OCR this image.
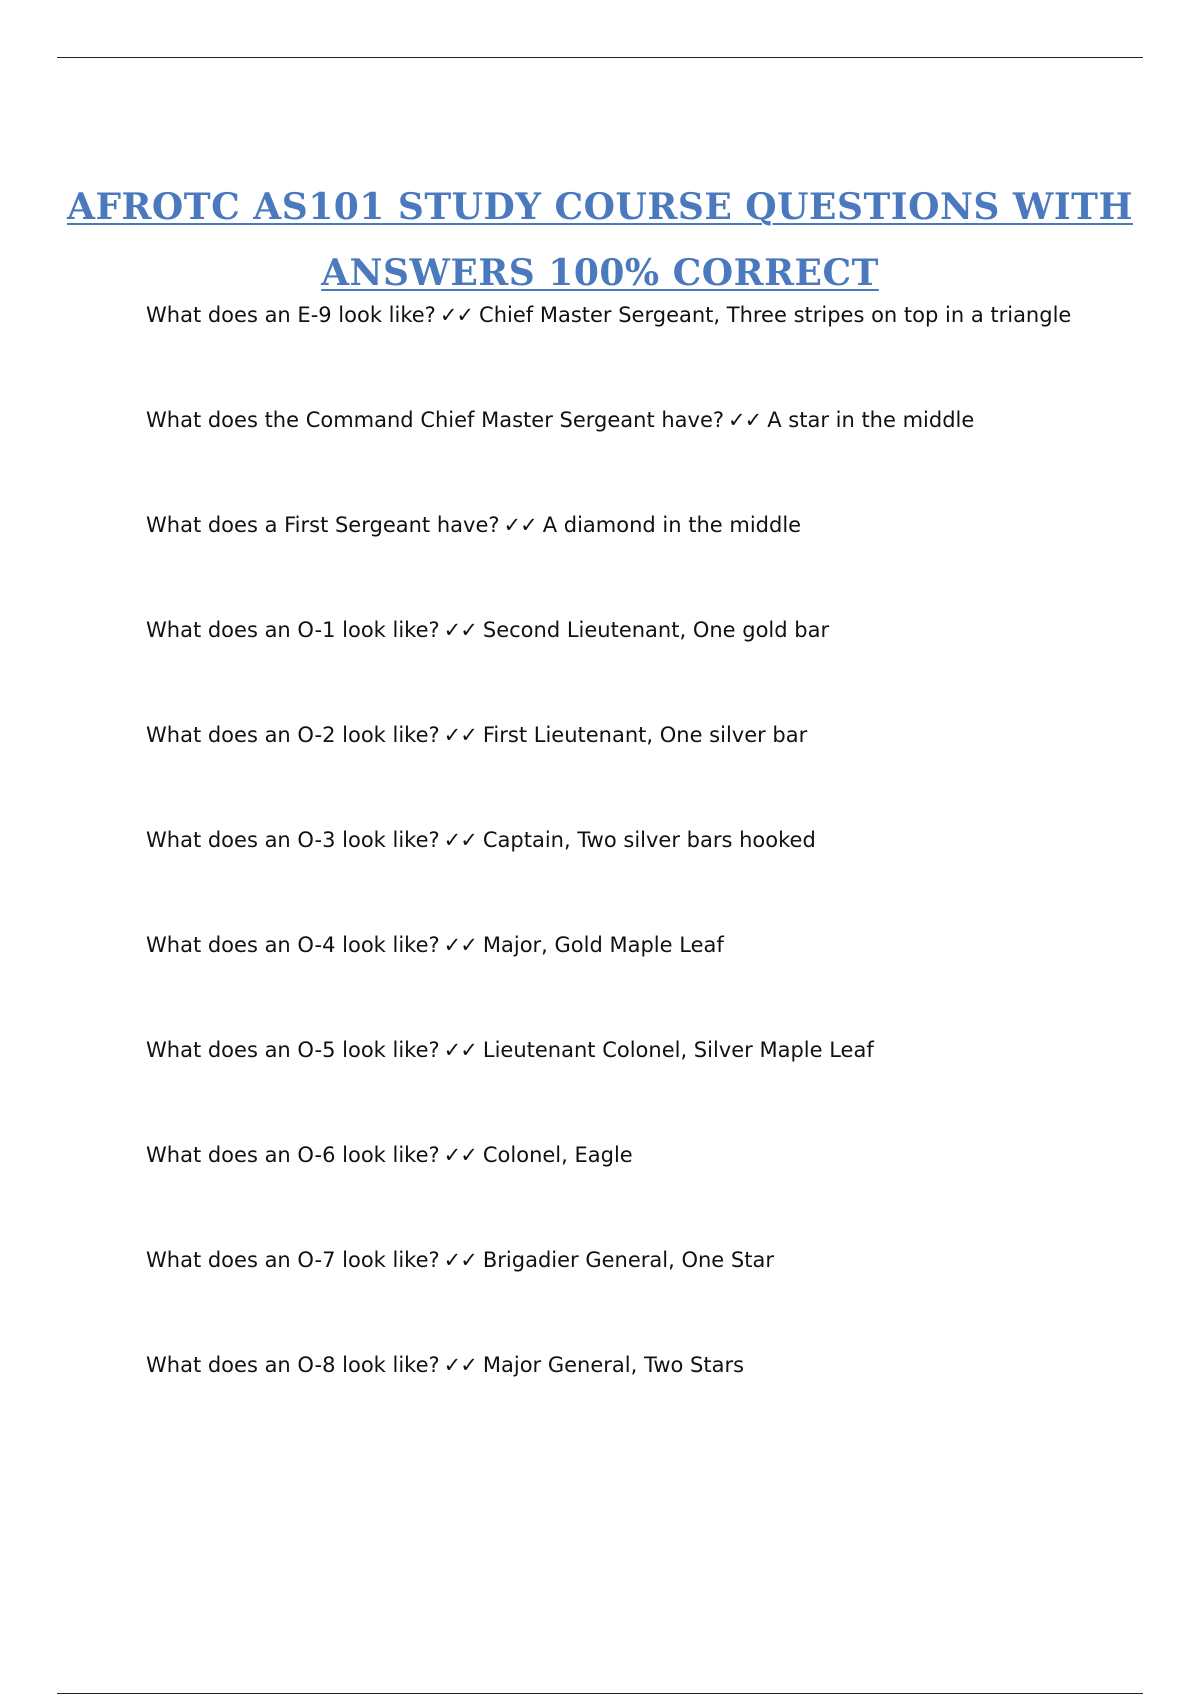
AFROTC AS101 STUDY COURSE QUESTIONS WITH
ANSWERS 100% CORRECT
What does an E-9 look like? ✓✓ Chief Master Sergeant, Three stripes on top in a triangle
What does the Command Chief Master Sergeant have? ✓✓ A star in the middle
What does a First Sergeant have? ✓✓ A diamond in the middle
What does an O-1 look like? ✓✓ Second Lieutenant, One gold bar
What does an O-2 look like? ✓✓ First Lieutenant, One silver bar
What does an O-3 look like? ✓✓ Captain, Two silver bars hooked
What does an O-4 look like? ✓✓ Major, Gold Maple Leaf
What does an O-5 look like? ✓✓ Lieutenant Colonel, Silver Maple Leaf
What does an O-6 look like? ✓✓ Colonel, Eagle
What does an O-7 look like? ✓✓ Brigadier General, One Star
What does an O-8 look like? ✓✓ Major General, Two Stars
